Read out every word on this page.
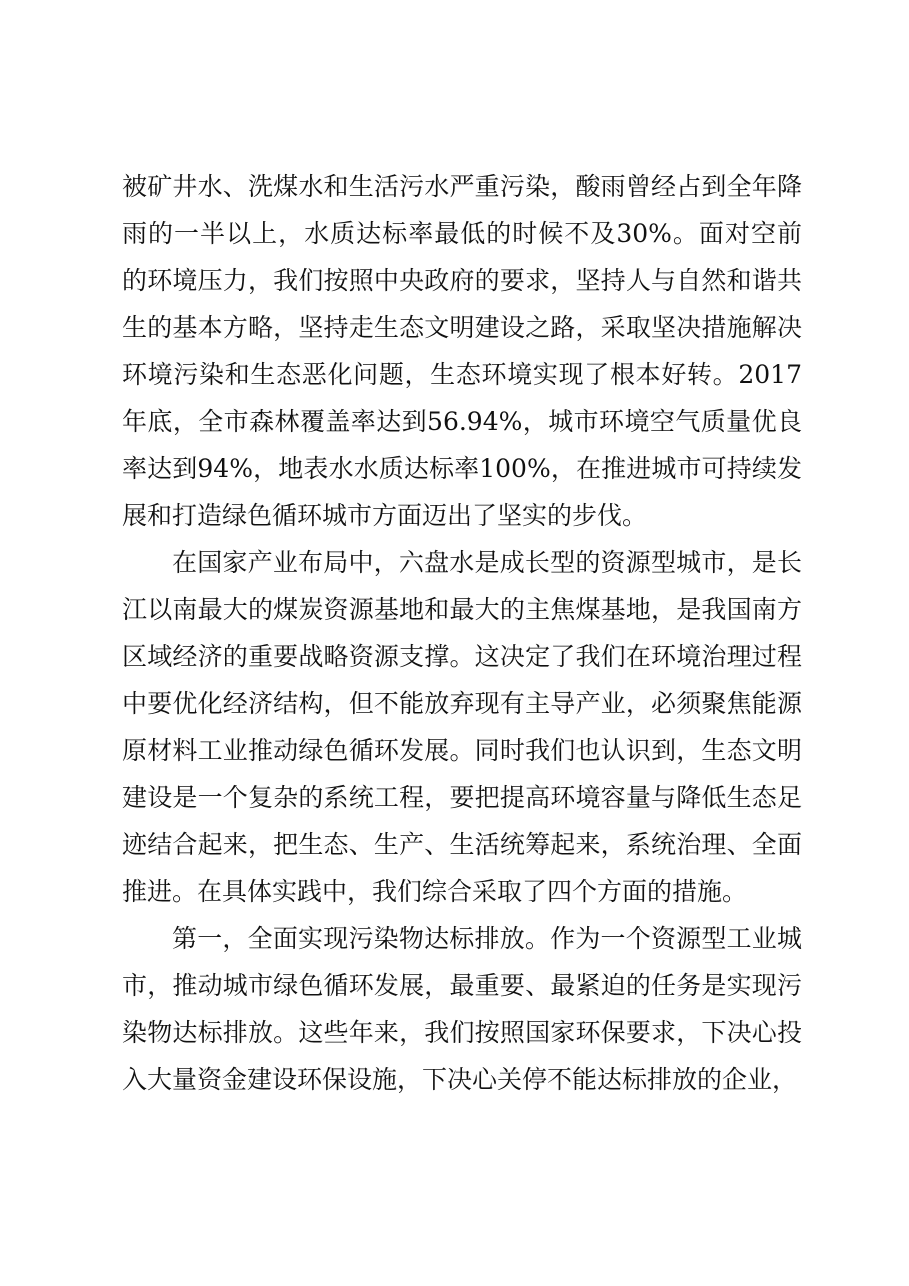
被矿井水、洗煤水和生活污水严重污染，酸雨曾经占到全年降雨的一半以上，水质达标率最低的时候不及30%。面对空前的环境压力，我们按照中央政府的要求，坚持人与自然和谐共生的基本方略，坚持走生态文明建设之路，采取坚决措施解决环境污染和生态恶化问题，生态环境实现了根本好转。2017年底，全市森林覆盖率达到56.94%，城市环境空气质量优良率达到94%，地表水水质达标率100%，在推进城市可持续发展和打造绿色循环城市方面迈出了坚实的步伐。

在国家产业布局中，六盘水是成长型的资源型城市，是长江以南最大的煤炭资源基地和最大的主焦煤基地，是我国南方区域经济的重要战略资源支撑。这决定了我们在环境治理过程中要优化经济结构，但不能放弃现有主导产业，必须聚焦能源原材料工业推动绿色循环发展。同时我们也认识到，生态文明建设是一个复杂的系统工程，要把提高环境容量与降低生态足迹结合起来，把生态、生产、生活统筹起来，系统治理、全面推进。在具体实践中，我们综合采取了四个方面的措施。

第一，全面实现污染物达标排放。作为一个资源型工业城市，推动城市绿色循环发展，最重要、最紧迫的任务是实现污染物达标排放。这些年来，我们按照国家环保要求，下决心投入大量资金建设环保设施，下决心关停不能达标排放的企业，
